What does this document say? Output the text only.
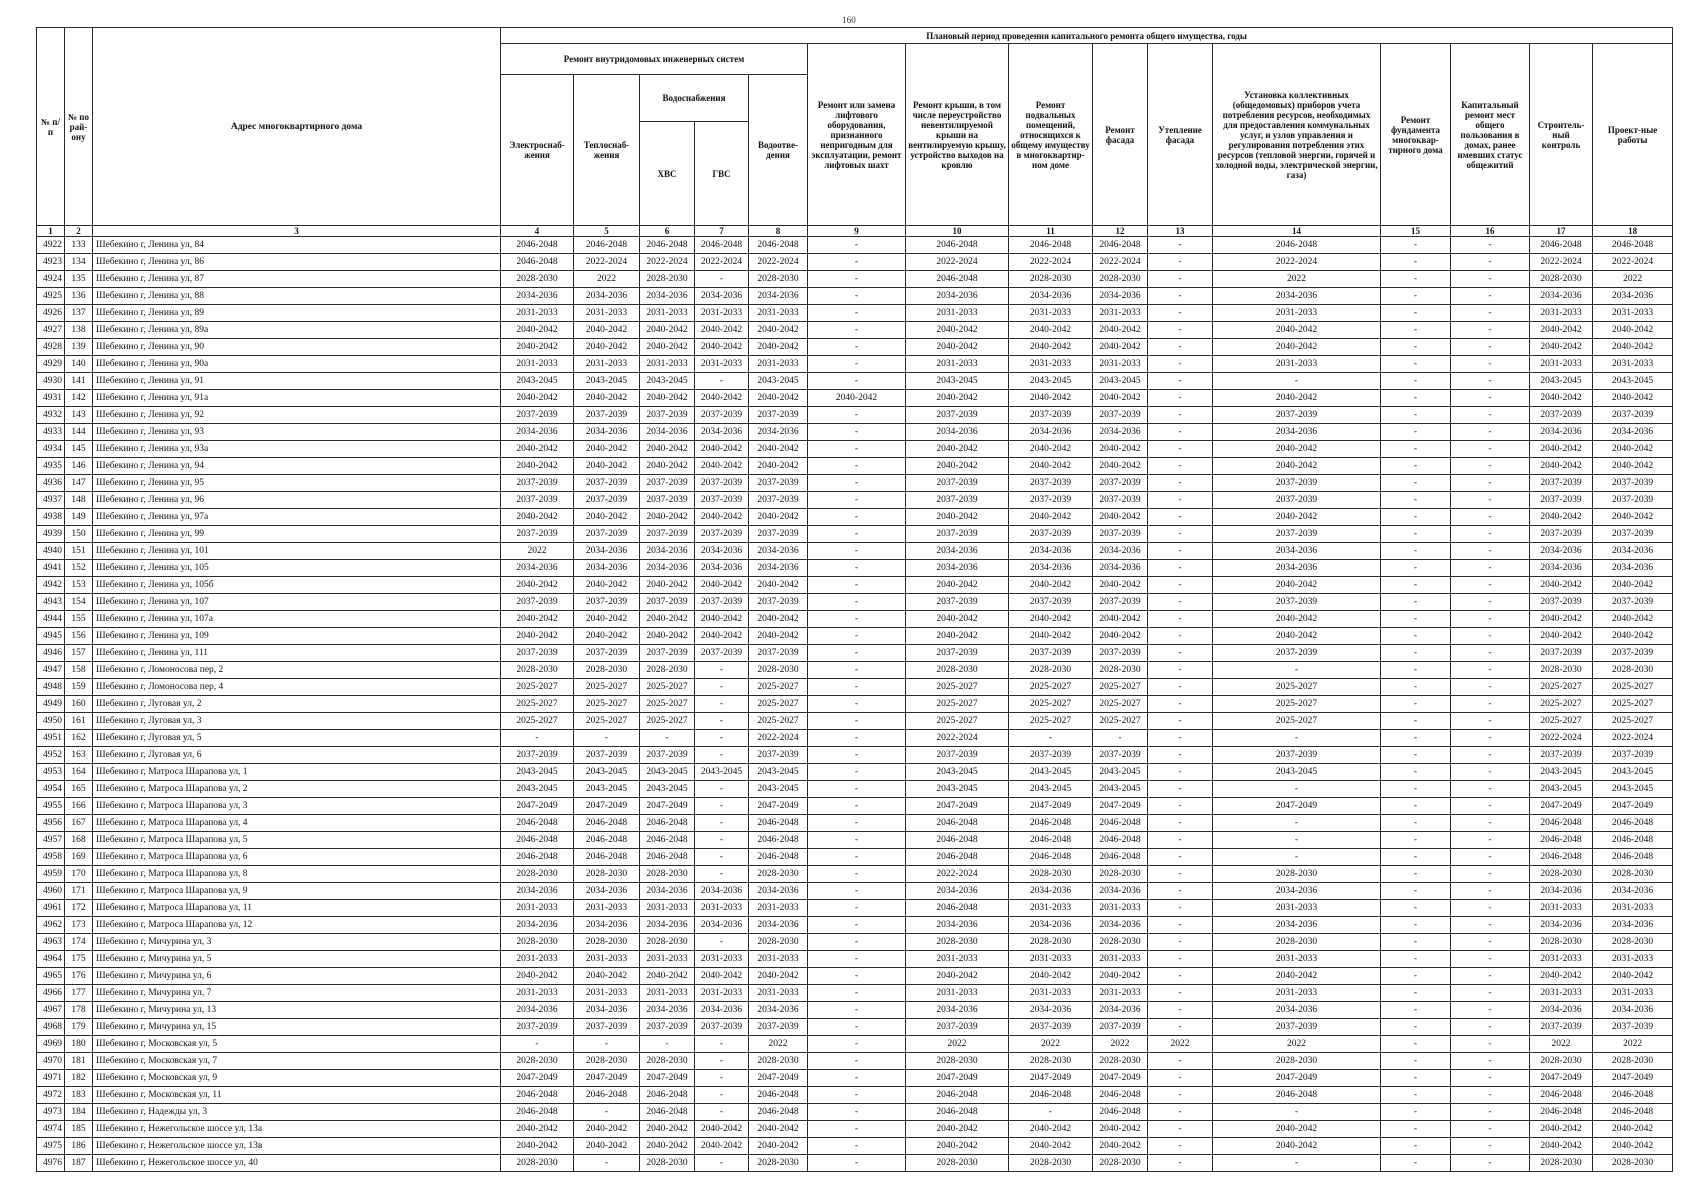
160
№ п/п	№ по рай-ону	Адрес многоквартирного дома	Плановый период проведения капитального ремонта общего имущества, годы														
			Ремонт внутридомовых инженерных систем					Ремонт или замена лифтового оборудования, признанного непригодным для эксплуатации, ремонт лифтовых шахт	Ремонт крыши, в том числе переустройство невентилируемой крыши на вентилируемую крышу, устройство выходов на кровлю	Ремонт подвальных помещений, относящихся к общему имуществу в многоквартир-ном доме	Ремонт фасада	Утепление фасада	Установка коллективных (общедомовых) приборов учета потребления ресурсов, необходимых для предоставления коммунальных услуг, и узлов управления и регулирования потребления этих ресурсов (тепловой энергии, горячей и холодной воды, электрической энергии, газа)	Ремонт фундамента многоквар-тирного дома	Капитальный ремонт мест общего пользования в домах, ранее имевших статус общежитий	Строитель-ный контроль	Проект-ные работы
			Электроснаб-жения	Теплоснаб-жения	Водоснабжения		Водоотве-дения										
					ХВС	ГВС											
1	2	3	4	5	6	7	8	9	10	11	12	13	14	15	16	17	18
4922	133	Шебекино г, Ленина ул, 84	2046-2048	2046-2048	2046-2048	2046-2048	2046-2048	-	2046-2048	2046-2048	2046-2048	-	2046-2048	-	-	2046-2048	2046-2048
4923	134	Шебекино г, Ленина ул, 86	2046-2048	2022-2024	2022-2024	2022-2024	2022-2024	-	2022-2024	2022-2024	2022-2024	-	2022-2024	-	-	2022-2024	2022-2024
4924	135	Шебекино г, Ленина ул, 87	2028-2030	2022	2028-2030	-	2028-2030	-	2046-2048	2028-2030	2028-2030	-	2022	-	-	2028-2030	2022
4925	136	Шебекино г, Ленина ул, 88	2034-2036	2034-2036	2034-2036	2034-2036	2034-2036	-	2034-2036	2034-2036	2034-2036	-	2034-2036	-	-	2034-2036	2034-2036
4926	137	Шебекино г, Ленина ул, 89	2031-2033	2031-2033	2031-2033	2031-2033	2031-2033	-	2031-2033	2031-2033	2031-2033	-	2031-2033	-	-	2031-2033	2031-2033
4927	138	Шебекино г, Ленина ул, 89а	2040-2042	2040-2042	2040-2042	2040-2042	2040-2042	-	2040-2042	2040-2042	2040-2042	-	2040-2042	-	-	2040-2042	2040-2042
4928	139	Шебекино г, Ленина ул, 90	2040-2042	2040-2042	2040-2042	2040-2042	2040-2042	-	2040-2042	2040-2042	2040-2042	-	2040-2042	-	-	2040-2042	2040-2042
4929	140	Шебекино г, Ленина ул, 90а	2031-2033	2031-2033	2031-2033	2031-2033	2031-2033	-	2031-2033	2031-2033	2031-2033	-	2031-2033	-	-	2031-2033	2031-2033
4930	141	Шебекино г, Ленина ул, 91	2043-2045	2043-2045	2043-2045	-	2043-2045	-	2043-2045	2043-2045	2043-2045	-	-	-	-	2043-2045	2043-2045
4931	142	Шебекино г, Ленина ул, 91а	2040-2042	2040-2042	2040-2042	2040-2042	2040-2042	2040-2042	2040-2042	2040-2042	2040-2042	-	2040-2042	-	-	2040-2042	2040-2042
4932	143	Шебекино г, Ленина ул, 92	2037-2039	2037-2039	2037-2039	2037-2039	2037-2039	-	2037-2039	2037-2039	2037-2039	-	2037-2039	-	-	2037-2039	2037-2039
4933	144	Шебекино г, Ленина ул, 93	2034-2036	2034-2036	2034-2036	2034-2036	2034-2036	-	2034-2036	2034-2036	2034-2036	-	2034-2036	-	-	2034-2036	2034-2036
4934	145	Шебекино г, Ленина ул, 93а	2040-2042	2040-2042	2040-2042	2040-2042	2040-2042	-	2040-2042	2040-2042	2040-2042	-	2040-2042	-	-	2040-2042	2040-2042
4935	146	Шебекино г, Ленина ул, 94	2040-2042	2040-2042	2040-2042	2040-2042	2040-2042	-	2040-2042	2040-2042	2040-2042	-	2040-2042	-	-	2040-2042	2040-2042
4936	147	Шебекино г, Ленина ул, 95	2037-2039	2037-2039	2037-2039	2037-2039	2037-2039	-	2037-2039	2037-2039	2037-2039	-	2037-2039	-	-	2037-2039	2037-2039
4937	148	Шебекино г, Ленина ул, 96	2037-2039	2037-2039	2037-2039	2037-2039	2037-2039	-	2037-2039	2037-2039	2037-2039	-	2037-2039	-	-	2037-2039	2037-2039
4938	149	Шебекино г, Ленина ул, 97а	2040-2042	2040-2042	2040-2042	2040-2042	2040-2042	-	2040-2042	2040-2042	2040-2042	-	2040-2042	-	-	2040-2042	2040-2042
4939	150	Шебекино г, Ленина ул, 99	2037-2039	2037-2039	2037-2039	2037-2039	2037-2039	-	2037-2039	2037-2039	2037-2039	-	2037-2039	-	-	2037-2039	2037-2039
4940	151	Шебекино г, Ленина ул, 101	2022	2034-2036	2034-2036	2034-2036	2034-2036	-	2034-2036	2034-2036	2034-2036	-	2034-2036	-	-	2034-2036	2034-2036
4941	152	Шебекино г, Ленина ул, 105	2034-2036	2034-2036	2034-2036	2034-2036	2034-2036	-	2034-2036	2034-2036	2034-2036	-	2034-2036	-	-	2034-2036	2034-2036
4942	153	Шебекино г, Ленина ул, 105б	2040-2042	2040-2042	2040-2042	2040-2042	2040-2042	-	2040-2042	2040-2042	2040-2042	-	2040-2042	-	-	2040-2042	2040-2042
4943	154	Шебекино г, Ленина ул, 107	2037-2039	2037-2039	2037-2039	2037-2039	2037-2039	-	2037-2039	2037-2039	2037-2039	-	2037-2039	-	-	2037-2039	2037-2039
4944	155	Шебекино г, Ленина ул, 107а	2040-2042	2040-2042	2040-2042	2040-2042	2040-2042	-	2040-2042	2040-2042	2040-2042	-	2040-2042	-	-	2040-2042	2040-2042
4945	156	Шебекино г, Ленина ул, 109	2040-2042	2040-2042	2040-2042	2040-2042	2040-2042	-	2040-2042	2040-2042	2040-2042	-	2040-2042	-	-	2040-2042	2040-2042
4946	157	Шебекино г, Ленина ул, 111	2037-2039	2037-2039	2037-2039	2037-2039	2037-2039	-	2037-2039	2037-2039	2037-2039	-	2037-2039	-	-	2037-2039	2037-2039
4947	158	Шебекино г, Ломоносова пер, 2	2028-2030	2028-2030	2028-2030	-	2028-2030	-	2028-2030	2028-2030	2028-2030	-	-	-	-	2028-2030	2028-2030
4948	159	Шебекино г, Ломоносова пер, 4	2025-2027	2025-2027	2025-2027	-	2025-2027	-	2025-2027	2025-2027	2025-2027	-	2025-2027	-	-	2025-2027	2025-2027
4949	160	Шебекино г, Луговая ул, 2	2025-2027	2025-2027	2025-2027	-	2025-2027	-	2025-2027	2025-2027	2025-2027	-	2025-2027	-	-	2025-2027	2025-2027
4950	161	Шебекино г, Луговая ул, 3	2025-2027	2025-2027	2025-2027	-	2025-2027	-	2025-2027	2025-2027	2025-2027	-	2025-2027	-	-	2025-2027	2025-2027
4951	162	Шебекино г, Луговая ул, 5	-	-	-	-	2022-2024	-	2022-2024	-	-	-	-	-	-	2022-2024	2022-2024
4952	163	Шебекино г, Луговая ул, 6	2037-2039	2037-2039	2037-2039	-	2037-2039	-	2037-2039	2037-2039	2037-2039	-	2037-2039	-	-	2037-2039	2037-2039
4953	164	Шебекино г, Матроса Шарапова ул, 1	2043-2045	2043-2045	2043-2045	2043-2045	2043-2045	-	2043-2045	2043-2045	2043-2045	-	2043-2045	-	-	2043-2045	2043-2045
4954	165	Шебекино г, Матроса Шарапова ул, 2	2043-2045	2043-2045	2043-2045	-	2043-2045	-	2043-2045	2043-2045	2043-2045	-	-	-	-	2043-2045	2043-2045
4955	166	Шебекино г, Матроса Шарапова ул, 3	2047-2049	2047-2049	2047-2049	-	2047-2049	-	2047-2049	2047-2049	2047-2049	-	2047-2049	-	-	2047-2049	2047-2049
4956	167	Шебекино г, Матроса Шарапова ул, 4	2046-2048	2046-2048	2046-2048	-	2046-2048	-	2046-2048	2046-2048	2046-2048	-	-	-	-	2046-2048	2046-2048
4957	168	Шебекино г, Матроса Шарапова ул, 5	2046-2048	2046-2048	2046-2048	-	2046-2048	-	2046-2048	2046-2048	2046-2048	-	-	-	-	2046-2048	2046-2048
4958	169	Шебекино г, Матроса Шарапова ул, 6	2046-2048	2046-2048	2046-2048	-	2046-2048	-	2046-2048	2046-2048	2046-2048	-	-	-	-	2046-2048	2046-2048
4959	170	Шебекино г, Матроса Шарапова ул, 8	2028-2030	2028-2030	2028-2030	-	2028-2030	-	2022-2024	2028-2030	2028-2030	-	2028-2030	-	-	2028-2030	2028-2030
4960	171	Шебекино г, Матроса Шарапова ул, 9	2034-2036	2034-2036	2034-2036	2034-2036	2034-2036	-	2034-2036	2034-2036	2034-2036	-	2034-2036	-	-	2034-2036	2034-2036
4961	172	Шебекино г, Матроса Шарапова ул, 11	2031-2033	2031-2033	2031-2033	2031-2033	2031-2033	-	2046-2048	2031-2033	2031-2033	-	2031-2033	-	-	2031-2033	2031-2033
4962	173	Шебекино г, Матроса Шарапова ул, 12	2034-2036	2034-2036	2034-2036	2034-2036	2034-2036	-	2034-2036	2034-2036	2034-2036	-	2034-2036	-	-	2034-2036	2034-2036
4963	174	Шебекино г, Мичурина ул, 3	2028-2030	2028-2030	2028-2030	-	2028-2030	-	2028-2030	2028-2030	2028-2030	-	2028-2030	-	-	2028-2030	2028-2030
4964	175	Шебекино г, Мичурина ул, 5	2031-2033	2031-2033	2031-2033	2031-2033	2031-2033	-	2031-2033	2031-2033	2031-2033	-	2031-2033	-	-	2031-2033	2031-2033
4965	176	Шебекино г, Мичурина ул, 6	2040-2042	2040-2042	2040-2042	2040-2042	2040-2042	-	2040-2042	2040-2042	2040-2042	-	2040-2042	-	-	2040-2042	2040-2042
4966	177	Шебекино г, Мичурина ул, 7	2031-2033	2031-2033	2031-2033	2031-2033	2031-2033	-	2031-2033	2031-2033	2031-2033	-	2031-2033	-	-	2031-2033	2031-2033
4967	178	Шебекино г, Мичурина ул, 13	2034-2036	2034-2036	2034-2036	2034-2036	2034-2036	-	2034-2036	2034-2036	2034-2036	-	2034-2036	-	-	2034-2036	2034-2036
4968	179	Шебекино г, Мичурина ул, 15	2037-2039	2037-2039	2037-2039	2037-2039	2037-2039	-	2037-2039	2037-2039	2037-2039	-	2037-2039	-	-	2037-2039	2037-2039
4969	180	Шебекино г, Московская ул, 5	-	-	-	-	2022	-	2022	2022	2022	2022	2022	-	-	2022	2022
4970	181	Шебекино г, Московская ул, 7	2028-2030	2028-2030	2028-2030	-	2028-2030	-	2028-2030	2028-2030	2028-2030	-	2028-2030	-	-	2028-2030	2028-2030
4971	182	Шебекино г, Московская ул, 9	2047-2049	2047-2049	2047-2049	-	2047-2049	-	2047-2049	2047-2049	2047-2049	-	2047-2049	-	-	2047-2049	2047-2049
4972	183	Шебекино г, Московская ул, 11	2046-2048	2046-2048	2046-2048	-	2046-2048	-	2046-2048	2046-2048	2046-2048	-	2046-2048	-	-	2046-2048	2046-2048
4973	184	Шебекино г, Надежды ул, 3	2046-2048	-	2046-2048	-	2046-2048	-	2046-2048	-	2046-2048	-	-	-	-	2046-2048	2046-2048
4974	185	Шебекино г, Нежегольское шоссе ул, 13а	2040-2042	2040-2042	2040-2042	2040-2042	2040-2042	-	2040-2042	2040-2042	2040-2042	-	2040-2042	-	-	2040-2042	2040-2042
4975	186	Шебекино г, Нежегольское шоссе ул, 13в	2040-2042	2040-2042	2040-2042	2040-2042	2040-2042	-	2040-2042	2040-2042	2040-2042	-	2040-2042	-	-	2040-2042	2040-2042
4976	187	Шебекино г, Нежегольское шоссе ул, 40	2028-2030	-	2028-2030	-	2028-2030	-	2028-2030	2028-2030	2028-2030	-	-	-	-	2028-2030	2028-2030
